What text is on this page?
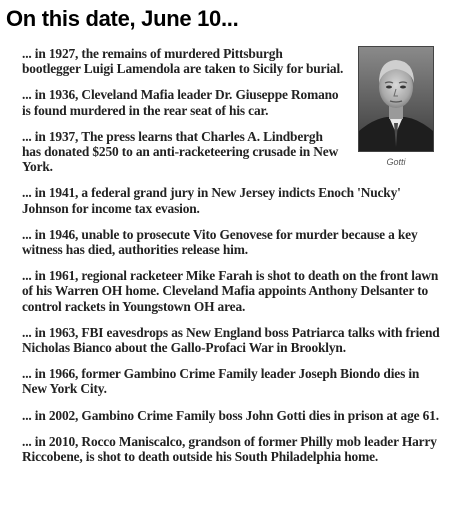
On this date, June 10...
Gotti
... in 1927, the remains of murdered Pittsburgh bootlegger Luigi Lamendola are taken to Sicily for burial.
... in 1936, Cleveland Mafia leader Dr. Giuseppe Romano is found murdered in the rear seat of his car.
... in 1937, The press learns that Charles A. Lindbergh has donated $250 to an anti-racketeering crusade in New York.
... in 1941, a federal grand jury in New Jersey indicts Enoch 'Nucky' Johnson for income tax evasion.
... in 1946, unable to prosecute Vito Genovese for murder because a key witness has died, authorities release him.
... in 1961, regional racketeer Mike Farah is shot to death on the front lawn of his Warren OH home. Cleveland Mafia appoints Anthony Delsanter to control rackets in Youngstown OH area.
... in 1963, FBI eavesdrops as New England boss Patriarca talks with friend Nicholas Bianco about the Gallo-Profaci War in Brooklyn.
... in 1966, former Gambino Crime Family leader Joseph Biondo dies in New York City.
... in 2002, Gambino Crime Family boss John Gotti dies in prison at age 61.
... in 2010, Rocco Maniscalco, grandson of former Philly mob leader Harry Riccobene, is shot to death outside his South Philadelphia home.
